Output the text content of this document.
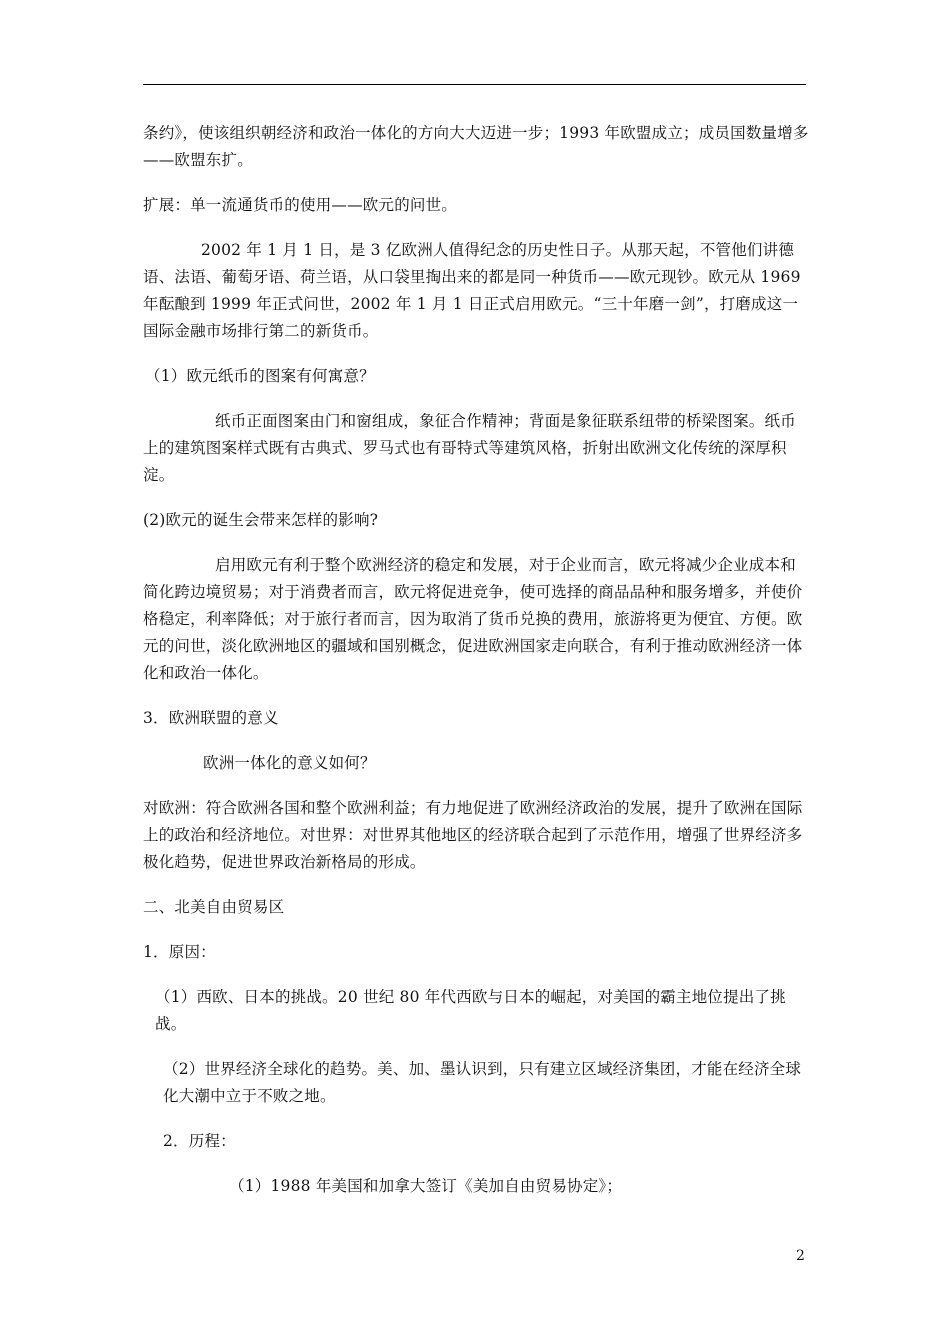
条约》，使该组织朝经济和政治一体化的方向大大迈进一步；1993 年欧盟成立；成员国数量增多——欧盟东扩。

扩展：单一流通货币的使用——欧元的问世。

2002 年 1 月 1 日，是 3 亿欧洲人值得纪念的历史性日子。从那天起，不管他们讲德语、法语、葡萄牙语、荷兰语，从口袋里掏出来的都是同一种货币——欧元现钞。欧元从 1969 年酝酿到 1999 年正式问世，2002 年 1 月 1 日正式启用欧元。“三十年磨一剑”，打磨成这一国际金融市场排行第二的新货币。

（1）欧元纸币的图案有何寓意？

纸币正面图案由门和窗组成，象征合作精神；背面是象征联系纽带的桥梁图案。纸币上的建筑图案样式既有古典式、罗马式也有哥特式等建筑风格，折射出欧洲文化传统的深厚积淀。

(2)欧元的诞生会带来怎样的影响?

启用欧元有利于整个欧洲经济的稳定和发展，对于企业而言，欧元将减少企业成本和简化跨边境贸易；对于消费者而言，欧元将促进竞争，使可选择的商品品种和服务增多，并使价格稳定，利率降低；对于旅行者而言，因为取消了货币兑换的费用，旅游将更为便宜、方便。欧元的问世，淡化欧洲地区的疆域和国别概念，促进欧洲国家走向联合，有利于推动欧洲经济一体化和政治一体化。

3．欧洲联盟的意义

欧洲一体化的意义如何？

对欧洲：符合欧洲各国和整个欧洲利益；有力地促进了欧洲经济政治的发展，提升了欧洲在国际上的政治和经济地位。对世界：对世界其他地区的经济联合起到了示范作用，增强了世界经济多极化趋势，促进世界政治新格局的形成。

二、北美自由贸易区

1．原因：

（1）西欧、日本的挑战。20 世纪 80 年代西欧与日本的崛起，对美国的霸主地位提出了挑战。

（2）世界经济全球化的趋势。美、加、墨认识到，只有建立区域经济集团，才能在经济全球化大潮中立于不败之地。

2．历程：

（1）1988 年美国和加拿大签订《美加自由贸易协定》；

2
